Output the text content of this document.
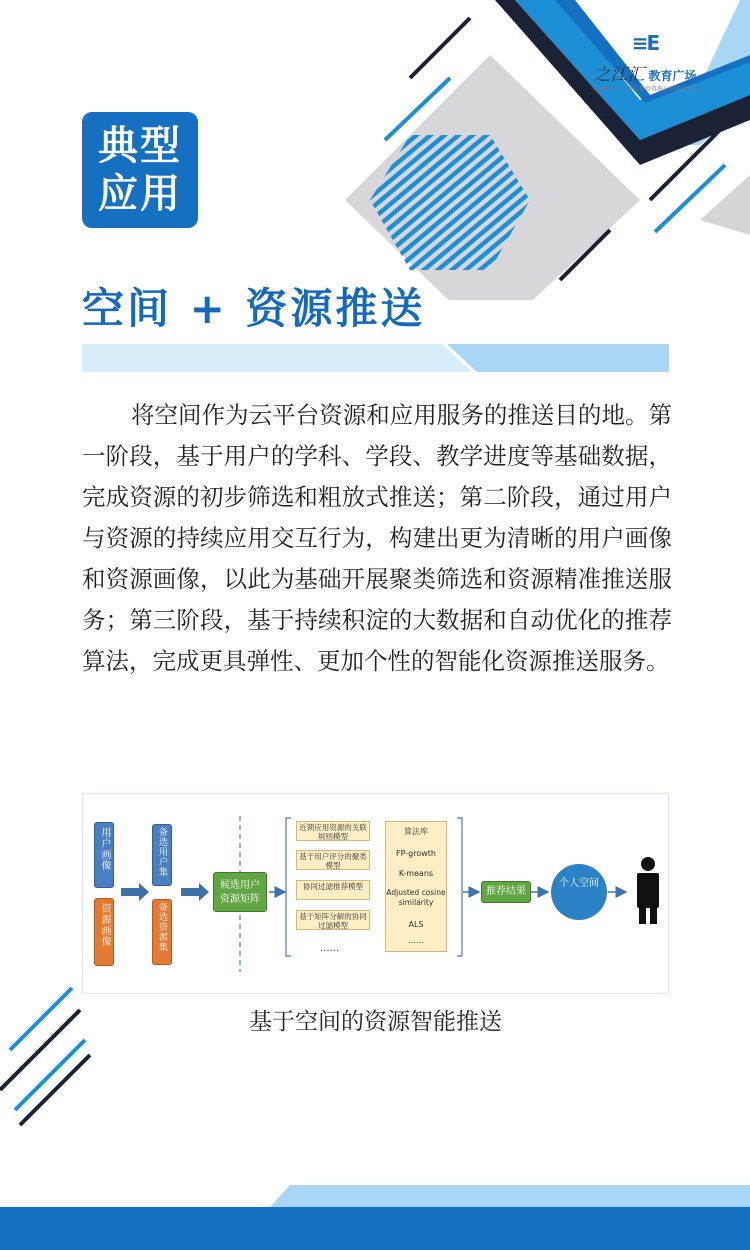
≡E
之江汇 教育广场
中国教育云 · 浙江教育资源公共服务平台
典型
应用
空间 + 资源推送

将空间作为云平台资源和应用服务的推送目的地。第一阶段，基于用户的学科、学段、教学进度等基础数据，完成资源的初步筛选和粗放式推送；第二阶段，通过用户与资源的持续应用交互行为，构建出更为清晰的用户画像和资源画像，以此为基础开展聚类筛选和资源精准推送服务；第三阶段，基于持续积淀的大数据和自动优化的推荐算法，完成更具弹性、更加个性的智能化资源推送服务。

用户画像
资源画像
备选用户集
备选资源集
候选用户资源矩阵
近期应用资源的关联规则模型
基于用户评分的聚类模型
协同过滤推荐模型
基于矩阵分解的协同过滤模型
......
算法库
FP-growth
K-means
Adjusted cosine similarity
ALS
......
推荐结果
个人空间
基于空间的资源智能推送
